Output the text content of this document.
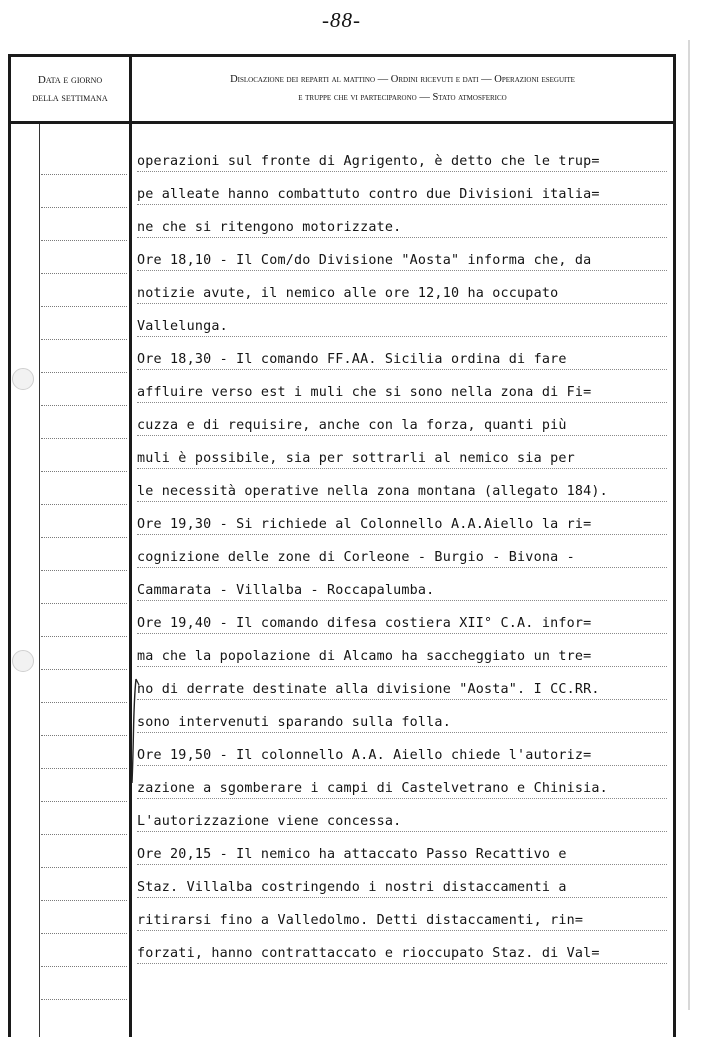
-88-
Data e giorno
della settimana
Dislocazione dei reparti al mattino — Ordini ricevuti e dati — Operazioni eseguite
e truppe che vi parteciparono — Stato atmosferico
operazioni sul fronte di Agrigento, è detto che le trup=
pe alleate hanno combattuto contro due Divisioni italia=
ne che si ritengono motorizzate.
Ore 18,10 - Il Com/do Divisione "Aosta" informa che, da
notizie avute, il nemico alle ore 12,10 ha occupato
Vallelunga.
Ore 18,30 - Il comando FF.AA. Sicilia ordina di fare
affluire verso est i muli che si sono nella zona di Fi=
cuzza e di requisire, anche con la forza, quanti più
muli è possibile, sia per sottrarli al nemico sia per
le necessità operative nella zona montana (allegato 184).
Ore 19,30 - Si richiede al Colonnello A.A.Aiello la ri=
cognizione delle zone di Corleone - Burgio - Bivona -
Cammarata - Villalba - Roccapalumba.
Ore 19,40 - Il comando difesa costiera XII° C.A. infor=
ma che la popolazione di Alcamo ha saccheggiato un tre=
no di derrate destinate alla divisione "Aosta". I CC.RR.
sono intervenuti sparando sulla folla.
Ore 19,50 - Il colonnello A.A. Aiello chiede l'autoriz=
zazione a sgomberare i campi di Castelvetrano e Chinisia.
L'autorizzazione viene concessa.
Ore 20,15 - Il nemico ha attaccato Passo Recattivo e
Staz. Villalba costringendo i nostri distaccamenti a
ritirarsi fino a Valledolmo. Detti distaccamenti, rin=
forzati, hanno contrattaccato e rioccupato Staz. di Val=
